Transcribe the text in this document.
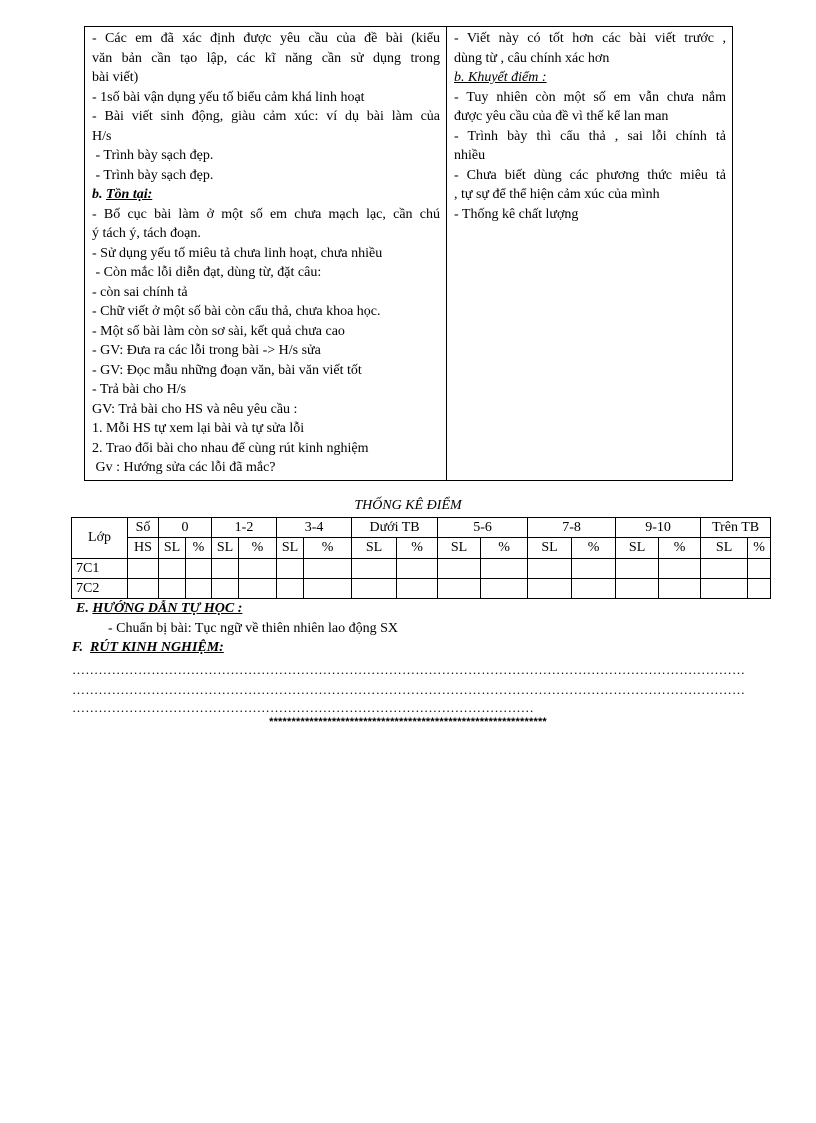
- Các em đã xác định được yêu cầu của đề bài (kiểu
văn bản cần tạo lập, các kĩ năng cần sử dụng trong
bài viết)
- 1số bài vận dụng yếu tố biểu cảm khá linh hoạt
- Bài viết sinh động, giàu cảm xúc: ví dụ bài làm của
H/s
- Trình bày sạch đẹp.
- Trình bày sạch đẹp.
b. Tồn tại:
- Bố cục bài làm ở một số em chưa mạch lạc, cần chú
ý tách ý, tách đoạn.
- Sử dụng yếu tố miêu tả chưa linh hoạt, chưa nhiều
- Còn mắc lỗi diễn đạt, dùng từ, đặt câu:
- còn sai chính tả
- Chữ viết ở một số bài còn cẩu thả, chưa khoa học.
- Một số bài làm còn sơ sài, kết quả chưa cao
- GV: Đưa ra các lỗi trong bài -> H/s sửa
- GV: Đọc mẫu những đoạn văn, bài văn viết tốt
- Trả bài cho H/s
GV: Trả bài cho HS và nêu yêu cầu :
1. Mỗi HS tự xem lại bài và tự sửa lỗi
2. Trao đổi bài cho nhau để cùng rút kinh nghiệm
Gv : Hướng sửa các lỗi đã mắc?

- Viết này có tốt hơn các bài viết trước ,
dùng từ , câu chính xác hơn
b. Khuyết điểm :
- Tuy nhiên còn một số em vẫn chưa nắm
được yêu cầu của đề vì thế kể lan man
- Trình bày thì cẩu thả , sai lỗi chính tả
nhiều
- Chưa biết dùng các phương thức miêu tả
, tự sự để thể hiện cảm xúc của mình
- Thống kê chất lượng
THỐNG KÊ ĐIỂM
Lớp	Số	0		1-2		3-4		Dưới TB		5-6		7-8		9-10		Trên TB	
	HS	SL	%	SL	%	SL	%	SL	%	SL	%	SL	%	SL	%	SL	%
7C1																	
7C2																	
E. HƯỚNG DẪN TỰ HỌC :
- Chuẩn bị bài: Tục ngữ về thiên nhiên lao động SX
F.  RÚT KINH NGHIỆM:
………………………………………………………………………………………………………………………………………
………………………………………………………………………………………………………………………………………
……………………………………………………………………………………………
**************************************************************
